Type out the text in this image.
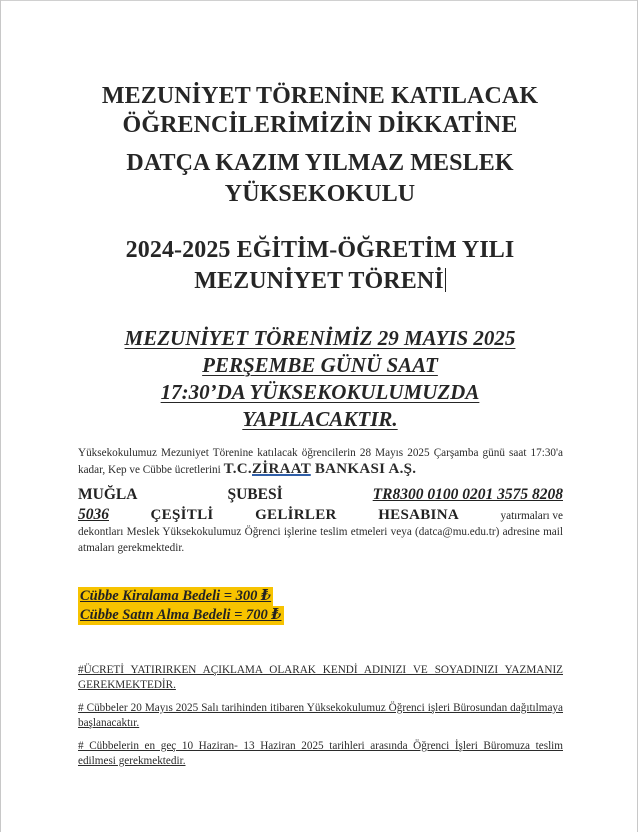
MEZUNİYET TÖRENİNE KATILACAK
ÖĞRENCİLERİMİZİN DİKKATİNE
DATÇA KAZIM YILMAZ MESLEK
YÜKSEKOKULU
2024-2025 EĞİTİM-ÖĞRETİM YILI
MEZUNİYET TÖRENİ
MEZUNİYET TÖRENİMİZ 29 MAYIS 2025
PERŞEMBE GÜNÜ SAAT
17:30’DA YÜKSEKOKULUMUZDA
YAPILACAKTIR.
Yüksekokulumuz Mezuniyet Törenine katılacak öğrencilerin 28 Mayıs 2025 Çarşamba günü saat 17:30'a kadar, Kep ve Cübbe ücretlerini T.C.ZİRAAT BANKASI A.Ş.
MUĞLA	ŞUBESİ	TR8300 0100 0201 3575 8208
5036	ÇEŞİTLİ	GELİRLER	HESABINA	yatırmaları ve
dekontları Meslek Yüksekokulumuz Öğrenci işlerine teslim etmeleri veya (datca@mu.edu.tr) adresine mail atmaları gerekmektedir.
Cübbe Kiralama Bedeli = 300 ₺
Cübbe Satın Alma Bedeli = 700 ₺
#ÜCRETİ YATIRIRKEN AÇIKLAMA OLARAK KENDİ ADINIZI VE SOYADINIZI YAZMANIZ GEREKMEKTEDİR.
# Cübbeler 20 Mayıs 2025 Salı tarihinden itibaren Yüksekokulumuz Öğrenci işleri Bürosundan dağıtılmaya başlanacaktır.
# Cübbelerin en geç 10 Haziran- 13 Haziran 2025 tarihleri arasında Öğrenci İşleri Büromuza teslim edilmesi gerekmektedir.
